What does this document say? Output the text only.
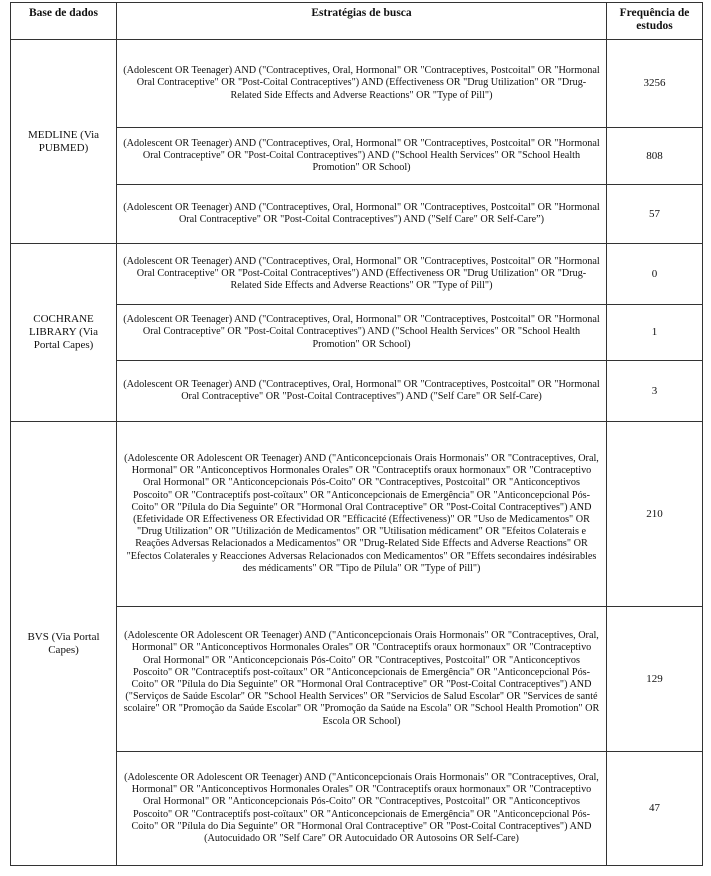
Base de dados	Estratégias de busca	Frequência de estudos
MEDLINE (Via PUBMED)	(Adolescent OR Teenager) AND ("Contraceptives, Oral, Hormonal" OR "Contraceptives, Postcoital" OR "Hormonal Oral Contraceptive" OR "Post-Coital Contraceptives") AND (Effectiveness OR "Drug Utilization" OR "Drug-Related Side Effects and Adverse Reactions" OR "Type of Pill")	3256
	(Adolescent OR Teenager) AND ("Contraceptives, Oral, Hormonal" OR "Contraceptives, Postcoital" OR "Hormonal Oral Contraceptive" OR "Post-Coital Contraceptives") AND ("School Health Services" OR "School Health Promotion" OR School)	808
	(Adolescent OR Teenager) AND ("Contraceptives, Oral, Hormonal" OR "Contraceptives, Postcoital" OR "Hormonal Oral Contraceptive" OR "Post-Coital Contraceptives") AND ("Self Care" OR Self-Care”)	57
COCHRANE LIBRARY (Via Portal Capes)	(Adolescent OR Teenager) AND ("Contraceptives, Oral, Hormonal" OR "Contraceptives, Postcoital" OR "Hormonal Oral Contraceptive" OR "Post-Coital Contraceptives") AND (Effectiveness OR "Drug Utilization" OR "Drug-Related Side Effects and Adverse Reactions" OR "Type of Pill")	0
	(Adolescent OR Teenager) AND ("Contraceptives, Oral, Hormonal" OR "Contraceptives, Postcoital" OR "Hormonal Oral Contraceptive" OR "Post-Coital Contraceptives") AND ("School Health Services" OR "School Health Promotion" OR School)	1
	(Adolescent OR Teenager) AND ("Contraceptives, Oral, Hormonal" OR "Contraceptives, Postcoital" OR "Hormonal Oral Contraceptive" OR "Post-Coital Contraceptives") AND ("Self Care" OR Self-Care)	3
BVS (Via Portal Capes)	(Adolescente OR Adolescent OR Teenager) AND ("Anticoncepcionais Orais Hormonais" OR "Contraceptives, Oral, Hormonal" OR "Anticonceptivos Hormonales Orales" OR "Contraceptifs oraux hormonaux" OR "Contraceptivo Oral Hormonal" OR "Anticoncepcionais Pós-Coito" OR "Contraceptives, Postcoital" OR "Anticonceptivos Poscoito" OR "Contraceptifs post-coïtaux" OR "Anticoncepcionais de Emergência" OR "Anticoncepcional Pós-Coito" OR "Pílula do Dia Seguinte" OR "Hormonal Oral Contraceptive" OR "Post-Coital Contraceptives") AND (Efetividade OR Effectiveness OR Efectividad OR "Efficacité (Effectiveness)" OR "Uso de Medicamentos" OR "Drug Utilization" OR "Utilización de Medicamentos" OR "Utilisation médicament" OR "Efeitos Colaterais e Reações Adversas Relacionados a Medicamentos" OR "Drug-Related Side Effects and Adverse Reactions" OR "Efectos Colaterales y Reacciones Adversas Relacionados con Medicamentos" OR "Effets secondaires indésirables des médicaments" OR "Tipo de Pílula" OR "Type of Pill")	210
	(Adolescente OR Adolescent OR Teenager) AND ("Anticoncepcionais Orais Hormonais" OR "Contraceptives, Oral, Hormonal" OR "Anticonceptivos Hormonales Orales" OR "Contraceptifs oraux hormonaux" OR "Contraceptivo Oral Hormonal" OR "Anticoncepcionais Pós-Coito" OR "Contraceptives, Postcoital" OR "Anticonceptivos Poscoito" OR "Contraceptifs post-coïtaux" OR "Anticoncepcionais de Emergência" OR "Anticoncepcional Pós-Coito" OR "Pílula do Dia Seguinte" OR "Hormonal Oral Contraceptive" OR "Post-Coital Contraceptives") AND ("Serviços de Saúde Escolar" OR "School Health Services" OR "Servicios de Salud Escolar" OR "Services de santé scolaire" OR "Promoção da Saúde Escolar" OR "Promoção da Saúde na Escola" OR "School Health Promotion" OR Escola OR School)	129
	(Adolescente OR Adolescent OR Teenager) AND ("Anticoncepcionais Orais Hormonais" OR "Contraceptives, Oral, Hormonal" OR "Anticonceptivos Hormonales Orales" OR "Contraceptifs oraux hormonaux" OR "Contraceptivo Oral Hormonal" OR "Anticoncepcionais Pós-Coito" OR "Contraceptives, Postcoital" OR "Anticonceptivos Poscoito" OR "Contraceptifs post-coïtaux" OR "Anticoncepcionais de Emergência" OR "Anticoncepcional Pós-Coito" OR "Pílula do Dia Seguinte" OR "Hormonal Oral Contraceptive" OR "Post-Coital Contraceptives") AND (Autocuidado OR "Self Care" OR Autocuidado OR Autosoins OR Self-Care)	47
